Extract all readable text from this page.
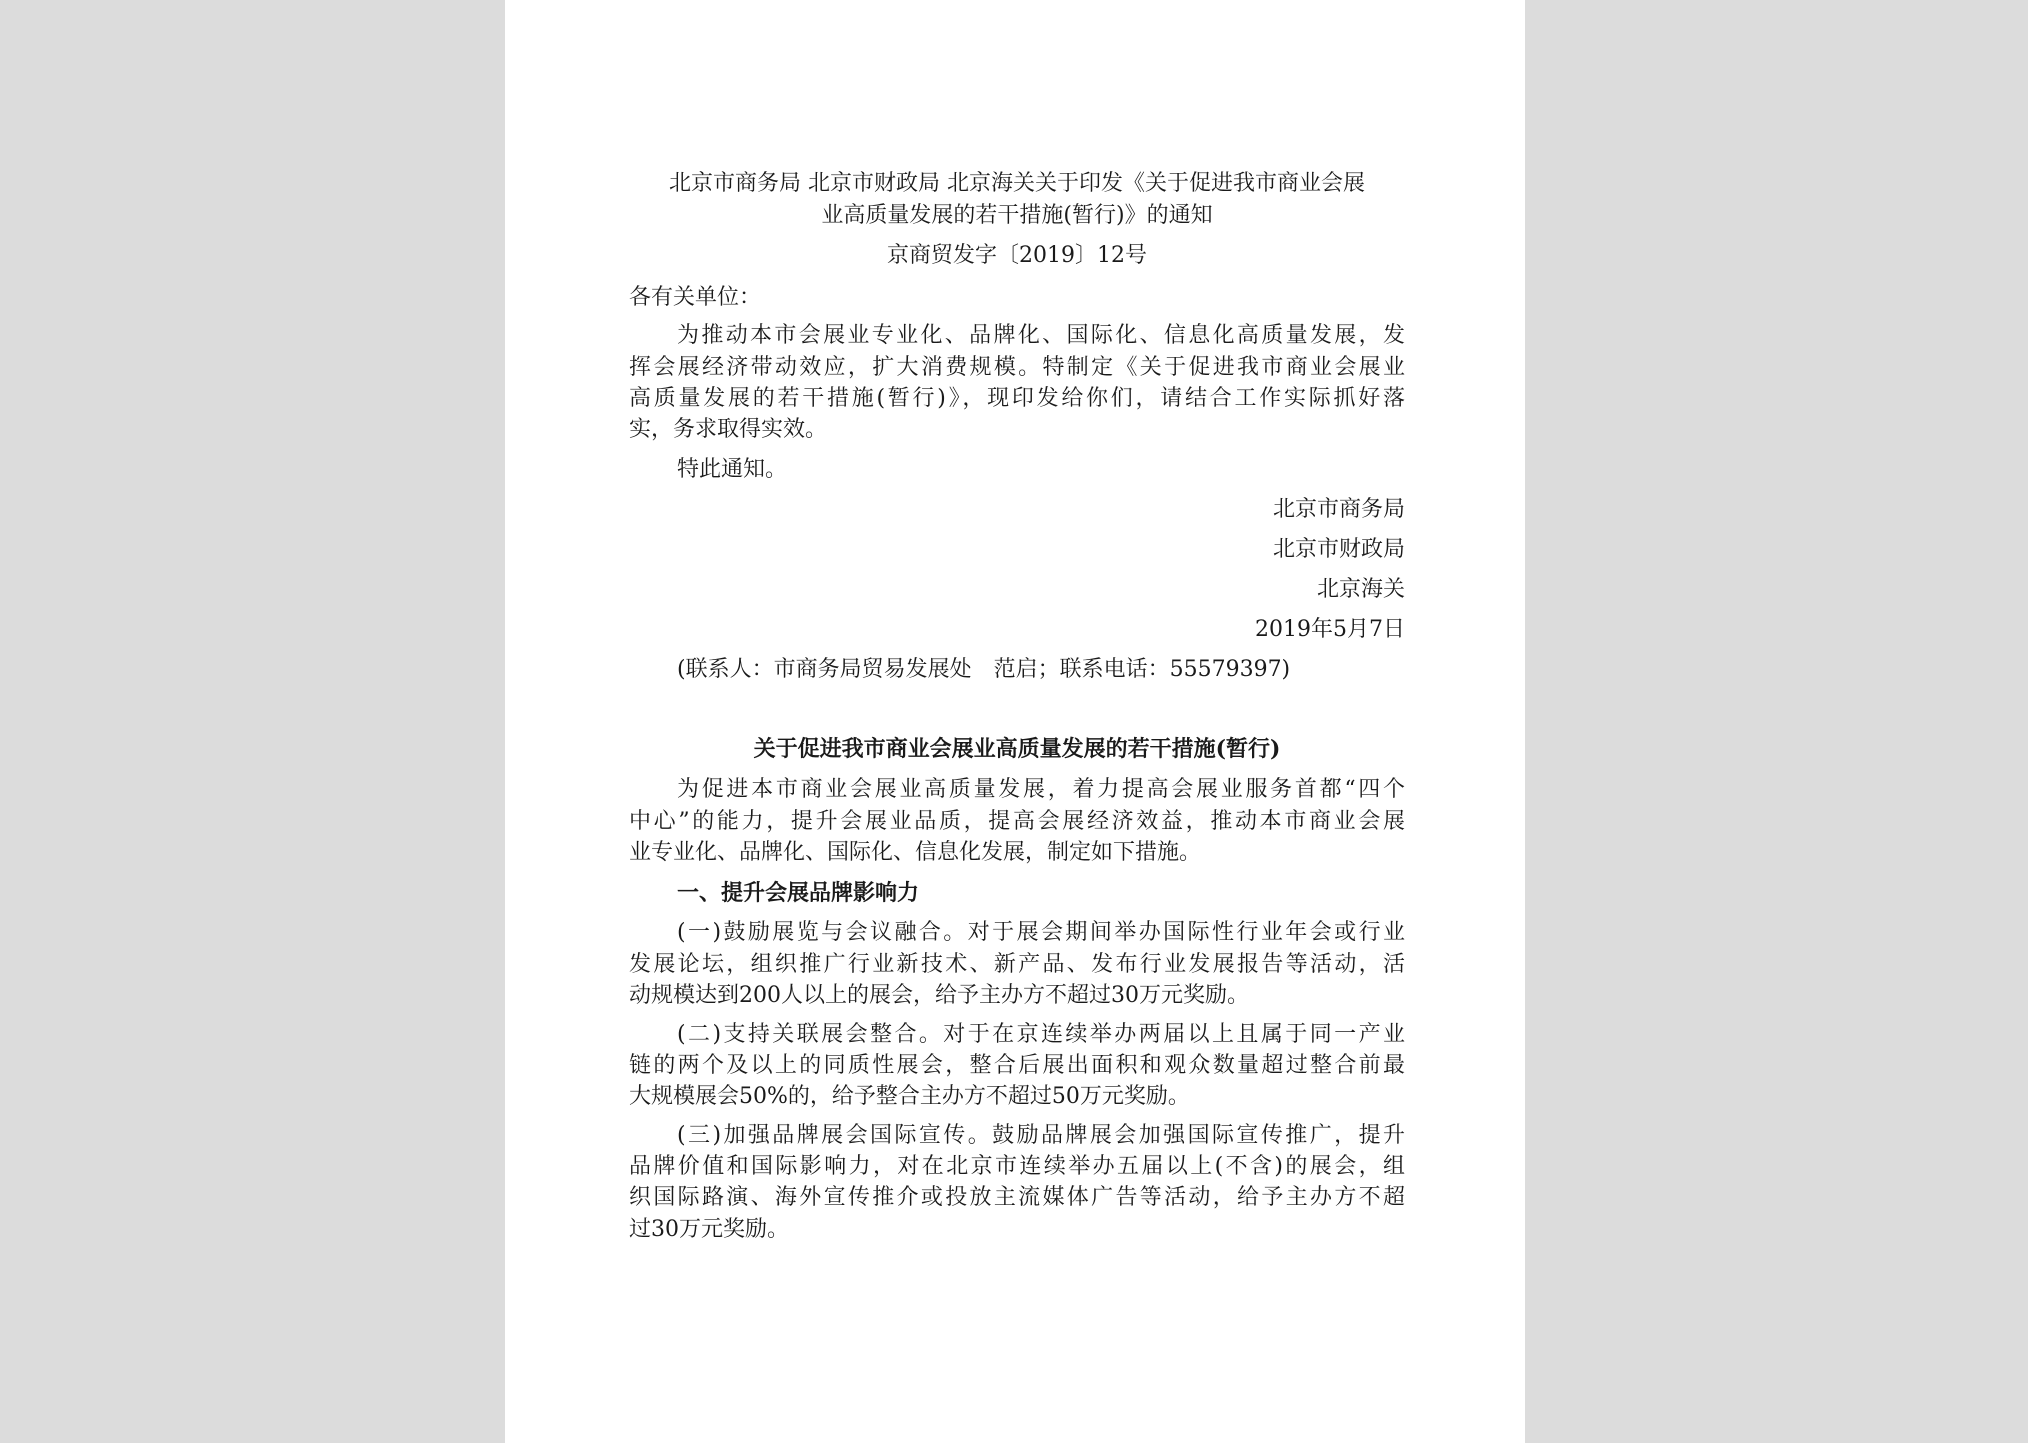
北京市商务局 北京市财政局 北京海关关于印发《关于促进我市商业会展
业高质量发展的若干措施(暂行)》的通知
京商贸发字〔2019〕12号
各有关单位：
为推动本市会展业专业化、品牌化、国际化、信息化高质量发展，发
挥会展经济带动效应，扩大消费规模。特制定《关于促进我市商业会展业
高质量发展的若干措施(暂行)》，现印发给你们，请结合工作实际抓好落
实，务求取得实效。
特此通知。
北京市商务局
北京市财政局
北京海关
2019年5月7日
(联系人：市商务局贸易发展处　范启；联系电话：55579397)
关于促进我市商业会展业高质量发展的若干措施(暂行)
为促进本市商业会展业高质量发展，着力提高会展业服务首都“四个
中心”的能力，提升会展业品质，提高会展经济效益，推动本市商业会展
业专业化、品牌化、国际化、信息化发展，制定如下措施。
一、提升会展品牌影响力
(一)鼓励展览与会议融合。对于展会期间举办国际性行业年会或行业
发展论坛，组织推广行业新技术、新产品、发布行业发展报告等活动，活
动规模达到200人以上的展会，给予主办方不超过30万元奖励。
(二)支持关联展会整合。对于在京连续举办两届以上且属于同一产业
链的两个及以上的同质性展会，整合后展出面积和观众数量超过整合前最
大规模展会50%的，给予整合主办方不超过50万元奖励。
(三)加强品牌展会国际宣传。鼓励品牌展会加强国际宣传推广，提升
品牌价值和国际影响力，对在北京市连续举办五届以上(不含)的展会，组
织国际路演、海外宣传推介或投放主流媒体广告等活动，给予主办方不超
过30万元奖励。
